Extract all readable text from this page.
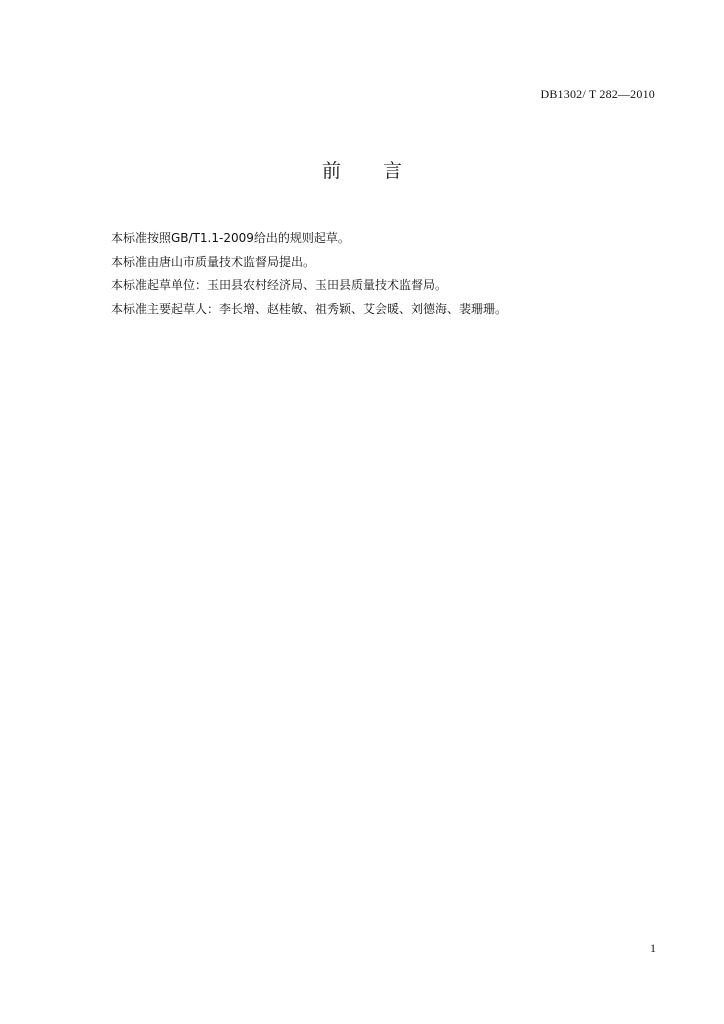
DB1302/ T 282—2010
前言
本标准按照GB/T1.1-2009给出的规则起草。
本标准由唐山市质量技术监督局提出。
本标准起草单位：玉田县农村经济局、玉田县质量技术监督局。
本标准主要起草人：李长增、赵桂敏、祖秀颖、艾会暖、刘德海、裴珊珊。
1
